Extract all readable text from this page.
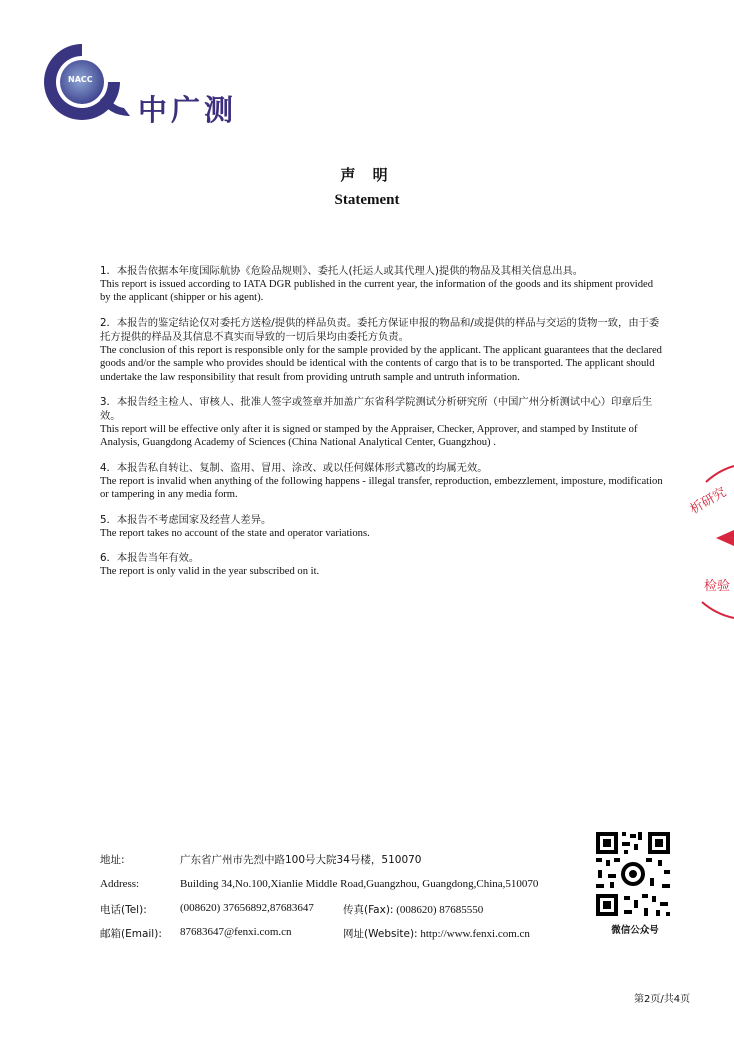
NACC
中广测
声 明
Statement

1．本报告依据本年度国际航协《危险品规则》、委托人(托运人或其代理人)提供的物品及其相关信息出具。

This report is issued according to IATA DGR published in the current year, the information of the goods and its shipment provided by the applicant (shipper or his agent).

2．本报告的鉴定结论仅对委托方送检/提供的样品负责。委托方保证申报的物品和/或提供的样品与交运的货物一致，由于委托方提供的样品及其信息不真实而导致的一切后果均由委托方负责。

The conclusion of this report is responsible only for the sample provided by the applicant. The applicant guarantees that the declared goods and/or the sample who provides should be identical with the contents of cargo that is to be transported. The applicant should undertake the law responsibility that result from providing untruth sample and untruth information.

3．本报告经主检人、审核人、批准人签字或签章并加盖广东省科学院测试分析研究所（中国广州分析测试中心）印章后生效。

This report will be effective only after it is signed or stamped by the Appraiser, Checker, Approver, and stamped by Institute of Analysis, Guangdong Academy of Sciences (China National Analytical Center, Guangzhou) .

4．本报告私自转让、复制、盗用、冒用、涂改、或以任何媒体形式篡改的均属无效。

The report is invalid when anything of the following happens - illegal transfer, reproduction, embezzlement, imposture, modification or tampering in any media form.

5．本报告不考虑国家及经营人差异。

The report takes no account of the state and operator variations.

6．本报告当年有效。

The report is only valid in the year subscribed on it.

析研究
检验
地址:	广东省广州市先烈中路100号大院34号楼，510070
Address:	Building 34,No.100,Xianlie Middle Road,Guangzhou, Guangdong,China,510070
电话(Tel):	(008620) 37656892,87683647	传真(Fax): (008620) 87685550
邮箱(Email): 87683647@fenxi.com.cn	网址(Website): http://www.fenxi.com.cn	微信公众号
第2页/共4页
